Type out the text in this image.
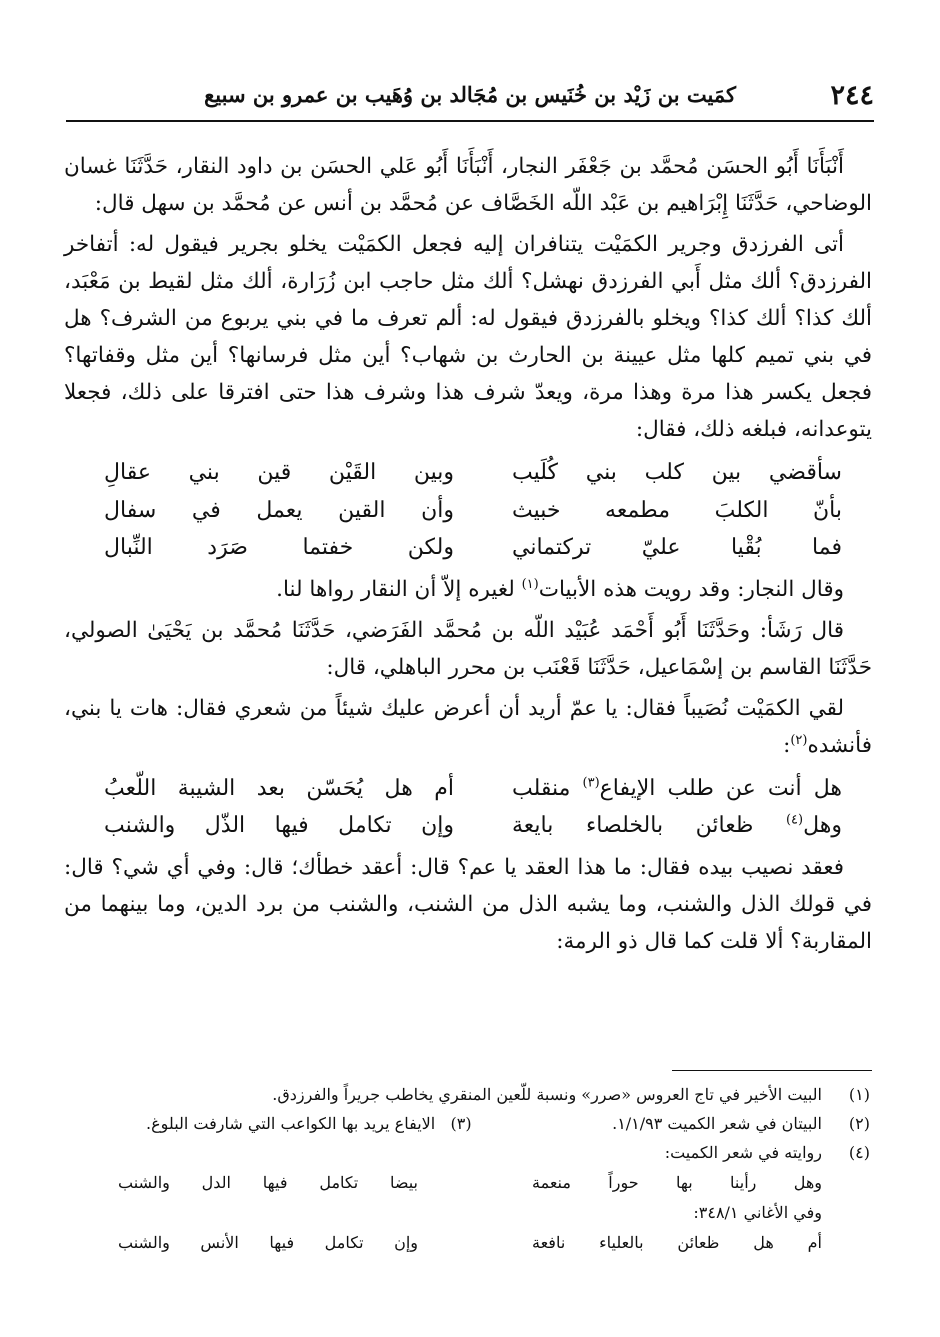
٢٤٤
كمَيت بن زَيْد بن خُنَيس بن مُجَالد بن وُهَيب بن عمرو بن سبيع

أَنْبَأَنَا أَبُو الحسَن مُحمَّد بن جَعْفَر النجار، أَنْبَأَنَا أَبُو عَلي الحسَن بن داود النقار، حَدَّثَنَا غسان الوضاحي، حَدَّثَنَا إِبْرَاهيم بن عَبْد اللّه الخَصَّاف عن مُحمَّد بن أنس عن مُحمَّد بن سهل قال:

أتى الفرزدق وجرير الكمَيْت يتنافران إليه فجعل الكمَيْت يخلو بجرير فيقول له: أتفاخر الفرزدق؟ ألك مثل أَبي الفرزدق نهشل؟ ألك مثل حاجب ابن زُرَارة، ألك مثل لقيط بن مَعْبَد، ألك كذا؟ ألك كذا؟ ويخلو بالفرزدق فيقول له: ألم تعرف ما في بني يربوع من الشرف؟ هل في بني تميم كلها مثل عيينة بن الحارث بن شهاب؟ أين مثل فرسانها؟ أين مثل وقفاتها؟ فجعل يكسر هذا مرة وهذا مرة، ويعدّ شرف هذا وشرف هذا حتى افترقا على ذلك، فجعلا يتوعدانه، فبلغه ذلك، فقال:

سأقضي بين كلب بني كُلَيب
وبين القَيْن قين بني عقالِ
بأنّ الكلبَ مطمعه خبيث
وأن القين يعمل في سفال
فما بُقْيا عليّ تركتماني
ولكن خفتما صَرَد النِّبال

وقال النجار: وقد رويت هذه الأبيات$^{(١)}$ لغيره إلاّ أن النقار رواها لنا.

قال رَشَأ: وحَدَّثَنَا أَبُو أَحْمَد عُبَيْد اللّه بن مُحمَّد الفَرَضي، حَدَّثَنَا مُحمَّد بن يَحْيَىٰ الصولي، حَدَّثَنَا القاسم بن إسْمَاعيل، حَدَّثَنَا قَعْنَب بن محرر الباهلي، قال:

لقي الكمَيْت نُصَيباً فقال: يا عمّ أريد أن أعرض عليك شيئاً من شعري فقال: هات يا بني، فأنشده$^{(٢)}$:

هل أنت عن طلب الإيفاع$^{(٣)}$ منقلب
أم هل يُحَسّن بعد الشيبة اللّعبُ
وهل$^{(٤)}$ ظعائن بالخلصاء بايعة
وإن تكامل فيها الذّل والشنب

فعقد نصيب بيده فقال: ما هذا العقد يا عم؟ قال: أعقد خطأك؛ قال: وفي أي شي؟ قال: في قولك الذل والشنب، وما يشبه الذل من الشنب، والشنب من برد الدين، وما بينهما من المقاربة؟ ألا قلت كما قال ذو الرمة:

(١)
البيت الأخير في تاج العروس «صرر» ونسبة للّعين المنقري يخاطب جريراً والفرزدق.
(٢)
البيتان في شعر الكميت ١/١/٩٣.
(٣)   الايفاع يريد بها الكواعب التي شارفت البلوغ.
(٤)
روايته في شعر الكميت:
وهل رأينا بها حوراً منعمة
بيضا تكامل فيها الدل والشنب
وفي الأغاني ٣٤٨/١:
أم هل ظعائن بالعلياء نافعة
وإن تكامل فيها الأنس والشنب
